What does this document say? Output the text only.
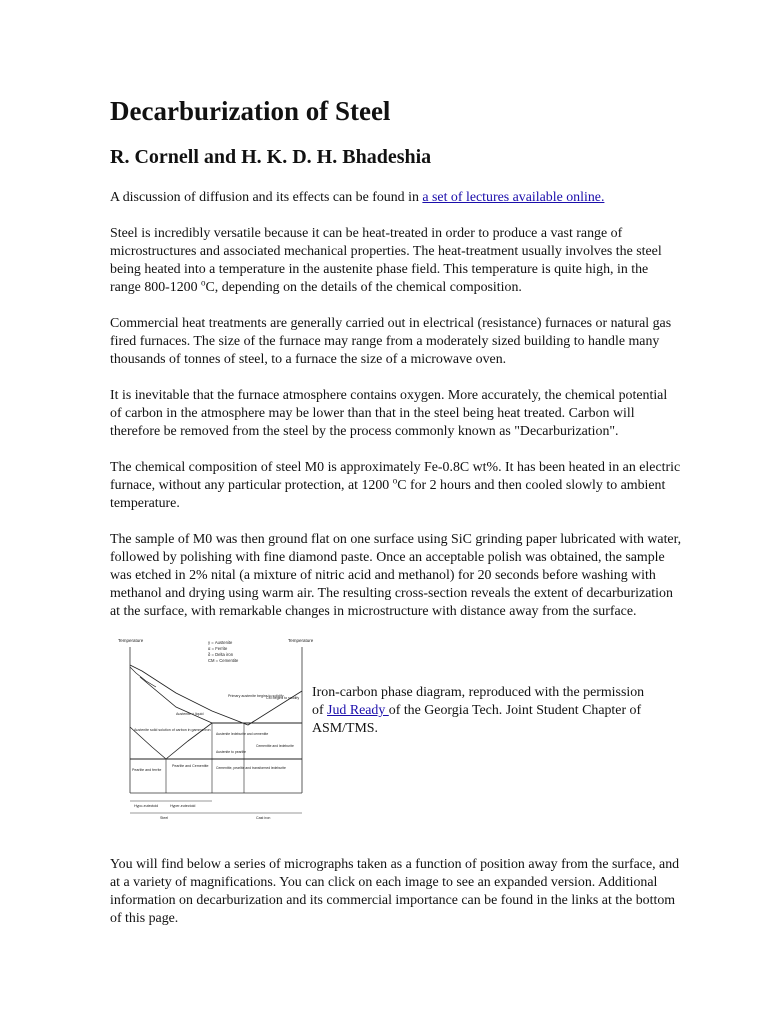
Decarburization of Steel
R. Cornell and H. K. D. H. Bhadeshia

A discussion of diffusion and its effects can be found in a set of lectures available online.

Steel is incredibly versatile because it can be heat-treated in order to produce a vast range of microstructures and associated mechanical properties. The heat-treatment usually involves the steel being heated into a temperature in the austenite phase field. This temperature is quite high, in the range 800-1200 $^o$C, depending on the details of the chemical composition.

Commercial heat treatments are generally carried out in electrical (resistance) furnaces or natural gas fired furnaces. The size of the furnace may range from a moderately sized building to handle many thousands of tonnes of steel, to a furnace the size of a microwave oven.

It is inevitable that the furnace atmosphere contains oxygen. More accurately, the chemical potential of carbon in the atmosphere may be lower than that in the steel being heat treated. Carbon will therefore be removed from the steel by the process commonly known as "Decarburization".

The chemical composition of steel M0 is approximately Fe-0.8C wt%. It has been heated in an electric furnace, without any particular protection, at 1200 $^o$C for 2 hours and then cooled slowly to ambient temperature.

The sample of M0 was then ground flat on one surface using SiC grinding paper lubricated with water, followed by polishing with fine diamond paste. Once an acceptable polish was obtained, the sample was etched in 2% nital (a mixture of nitric acid and methanol) for 20 seconds before washing with methanol and drying using warm air. The resulting cross-section reveals the extent of decarburization at the surface, with remarkable changes in microstructure with distance away from the surface.

Temperature	Temperature
γ = Austenite
α = Ferrite
δ = Delta iron
CM = Cementite
CM begins to solidify
Primary austenite begins to solidify
Austenite + liquid
Austenite solid solution of carbon in gamma iron
Austenite ledeburite and cementite
Cementite and ledeburite
Austenite to pearlite
Pearlite and ferrite
Pearlite and Cementite Cementite, pearlite and transformed ledeburite
Hypo-eutectoid	Hyper-eutectoid
Steel	Cast iron

Iron-carbon phase diagram, reproduced with the permission of Jud Ready of the Georgia Tech. Joint Student Chapter of ASM/TMS.

You will find below a series of micrographs taken as a function of position away from the surface, and at a variety of magnifications. You can click on each image to see an expanded version. Additional information on decarburization and its commercial importance can be found in the links at the bottom of this page.
